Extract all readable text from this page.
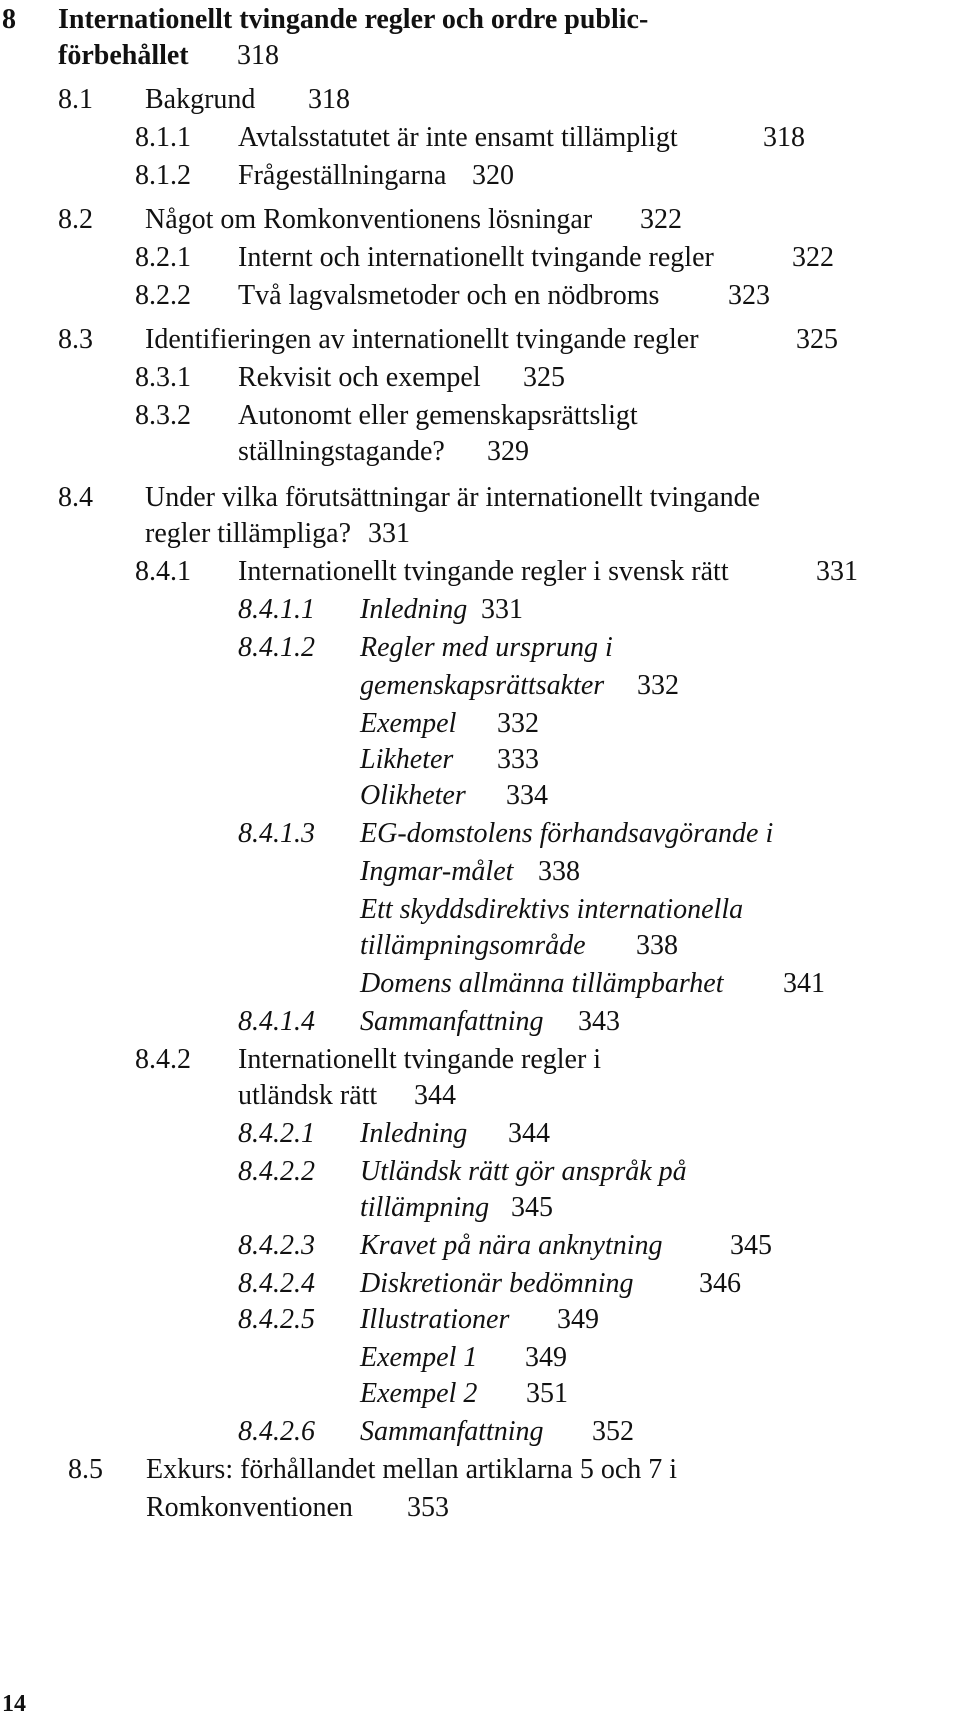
8 Internationellt tvingande regler och ordre public-
förbehållet 318
8.1 Bakgrund 318
8.1.1 Avtalsstatutet är inte ensamt tillämpligt	318
8.1.2 Frågeställningarna 320
8.2 Något om Romkonventionens lösningar 322
8.2.1 Internt och internationellt tvingande regler	322
8.2.2 Två lagvalsmetoder och en nödbroms 323
8.3 Identifieringen av internationellt tvingande regler	325
8.3.1 Rekvisit och exempel 325
8.3.2 Autonomt eller gemenskapsrättsligt
ställningstagande? 329
8.4 Under vilka förutsättningar är internationellt tvingande
regler tillämpliga? 331
8.4.1 Internationellt tvingande regler i svensk rätt	331
8.4.1.1 Inledning 331
8.4.1.2 Regler med ursprung i
gemenskapsrättsakter 332
Exempel 332
Likheter 333
Olikheter 334
8.4.1.3 EG-domstolens förhandsavgörande i
Ingmar-målet 338
Ett skyddsdirektivs internationella
tillämpningsområde 338
Domens allmänna tillämpbarhet 341
8.4.1.4 Sammanfattning 343
8.4.2 Internationellt tvingande regler i
utländsk rätt 344
8.4.2.1 Inledning 344
8.4.2.2 Utländsk rätt gör anspråk på
tillämpning 345
8.4.2.3 Kravet på nära anknytning 345
8.4.2.4 Diskretionär bedömning 346
8.4.2.5 Illustrationer 349
Exempel 1 349
Exempel 2 351
8.4.2.6 Sammanfattning 352
8.5 Exkurs: förhållandet mellan artiklarna 5 och 7 i
Romkonventionen 353
14
